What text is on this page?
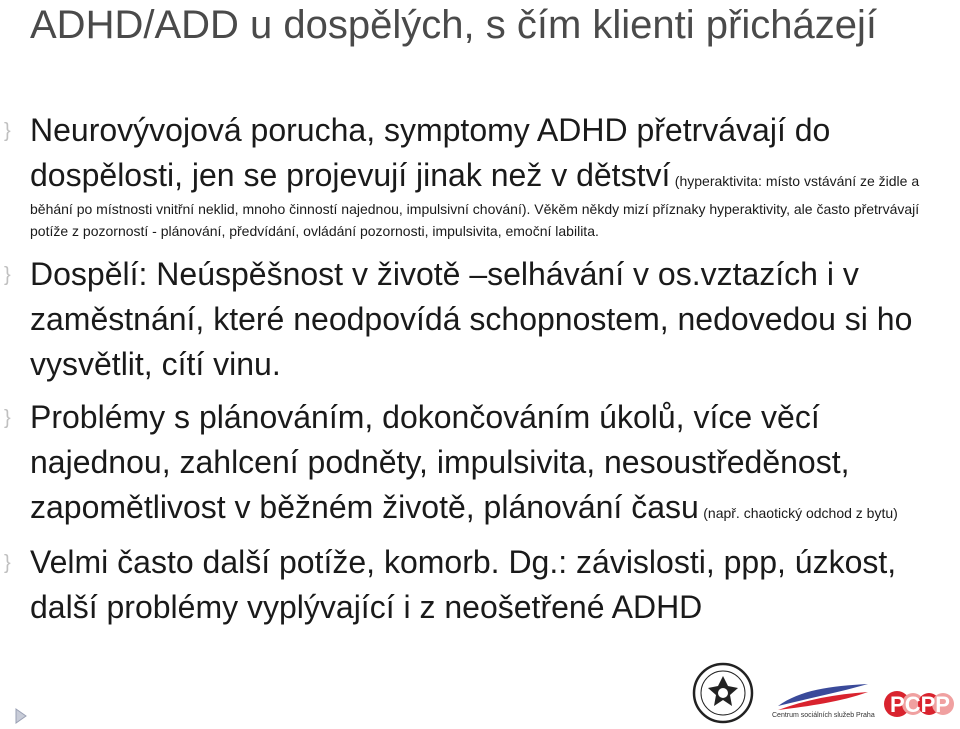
ADHD/ADD u dospělých, s čím klienti přicházejí
} Neurovývojová porucha, symptomy ADHD přetrvávají do dospělosti, jen se projevují jinak než v dětství (hyperaktivita: místo vstávání ze židle a běhání po místnosti vnitřní neklid, mnoho činností najednou, impulsivní chování). Věkěm někdy mizí příznaky hyperaktivity, ale často přetrvávají potíže z pozorností - plánování, předvídání, ovládání pozornosti, impulsivita, emoční labilita.
} Dospělí: Neúspěšnost v životě –selhávání v os.vztazích i v zaměstnání, které neodpovídá schopnostem, nedovedou si ho vysvětlit, cítí vinu.
} Problémy s plánováním, dokončováním úkolů, více věcí najednou, zahlcení podněty, impulsivita, nesoustředěnost, zapomětlivost v běžném životě, plánování času (např. chaotický odchod z bytu)
} Velmi často další potíže, komorb. Dg.: závislosti, ppp, úzkost, další problémy vyplývající i z neošetřené ADHD
Centrum sociálních služeb Praha PCPP
